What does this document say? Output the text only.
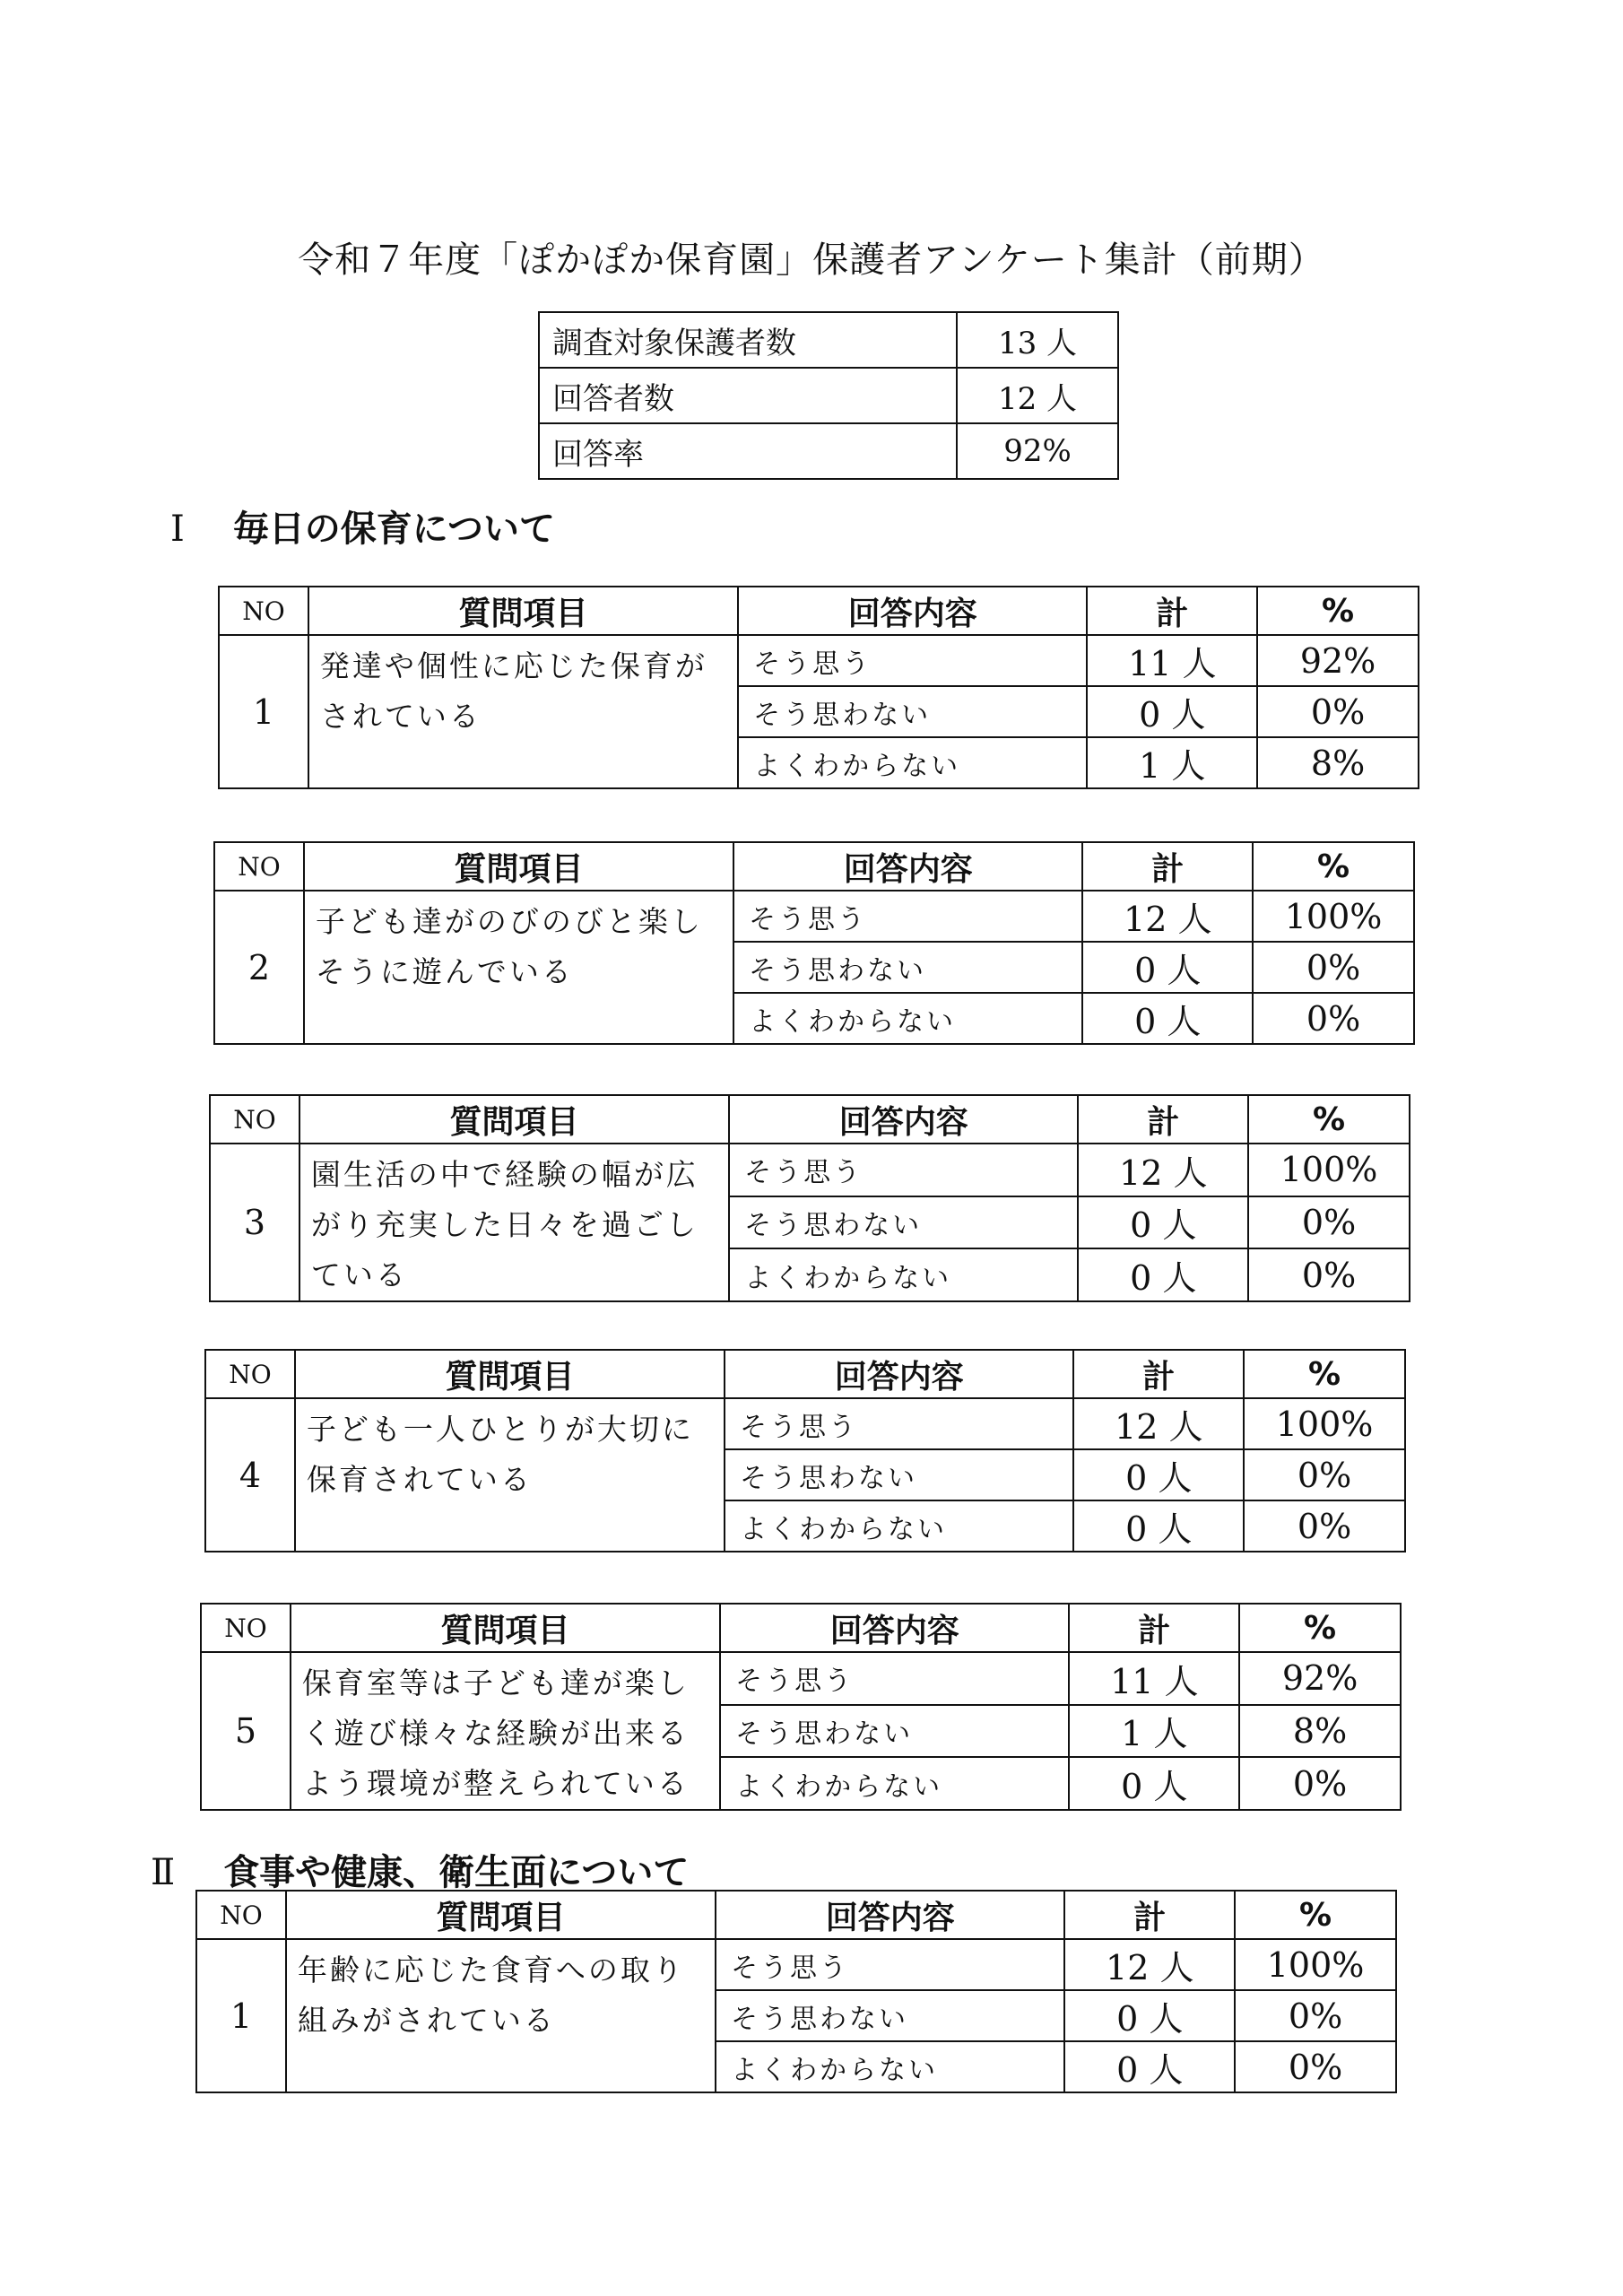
令和７年度「ぽかぽか保育園」保護者アンケート集計（前期）
調査対象保護者数	13 人
回答者数	12 人
回答率	92%
Ⅰ 毎日の保育について
Ⅱ 食事や健康、衛生面について
NO	質問項目	回答内容	計	%
1	発達や個性に応じた保育が
されている	そう思う	11 人	92%
		そう思わない	0 人	0%
		よくわからない	1 人	8%
NO	質問項目	回答内容	計	%
2	子ども達がのびのびと楽し
そうに遊んでいる	そう思う	12 人	100%
		そう思わない	0 人	0%
		よくわからない	0 人	0%
NO	質問項目	回答内容	計	%
3	園生活の中で経験の幅が広
がり充実した日々を過ごし
ている	そう思う	12 人	100%
		そう思わない	0 人	0%
		よくわからない	0 人	0%
NO	質問項目	回答内容	計	%
4	子ども一人ひとりが大切に
保育されている	そう思う	12 人	100%
		そう思わない	0 人	0%
		よくわからない	0 人	0%
NO	質問項目	回答内容	計	%
5	保育室等は子ども達が楽し
く遊び様々な経験が出来る
よう環境が整えられている	そう思う	11 人	92%
		そう思わない	1 人	8%
		よくわからない	0 人	0%
NO	質問項目	回答内容	計	%
1	年齢に応じた食育への取り
組みがされている	そう思う	12 人	100%
		そう思わない	0 人	0%
		よくわからない	0 人	0%
